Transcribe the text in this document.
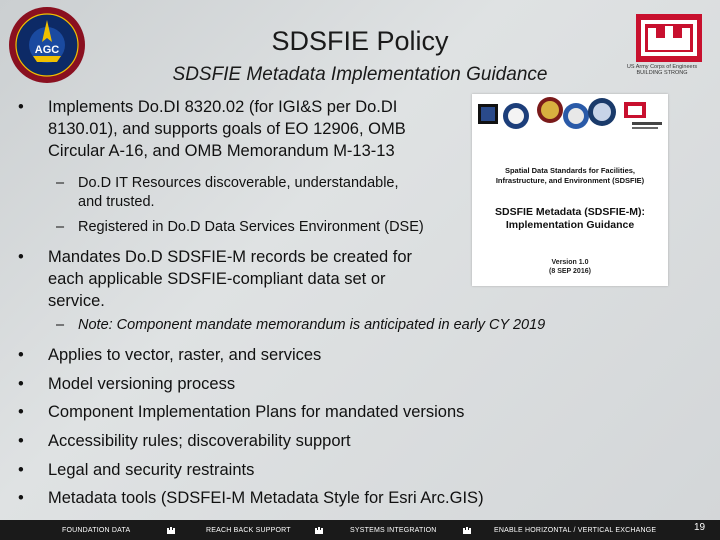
AGC	SDSFIE Policy
SDSFIE Metadata Implementation Guidance	US Army Corps of Engineers
BUILDING STRONG
• Implements Do.DI 8320.02 (for IGI&S per Do.DI
8130.01), and supports goals of EO 12906, OMB
Circular A-16, and OMB Memorandum M-13-13
– Do.D IT Resources discoverable, understandable,
and trusted.
– Registered in Do.D Data Services Environment (DSE)
• Mandates Do.D SDSFIE-M records be created for
each applicable SDSFIE-compliant data set or
service.
– Note: Component mandate memorandum is anticipated in early CY 2019
• Applies to vector, raster, and services
• Model versioning process
• Component Implementation Plans for mandated versions
• Accessibility rules; discoverability support
• Legal and security restraints
• Metadata tools (SDSFEI-M Metadata Style for Esri Arc.GIS)
Spatial Data Standards for Facilities,
Infrastructure, and Environment (SDSFIE)
SDSFIE Metadata (SDSFIE-M):
Implementation Guidance
Version 1.0
(8 SEP 2016)
FOUNDATION DATA	REACH BACK SUPPORT	SYSTEMS INTEGRATION	ENABLE HORIZONTAL / VERTICAL EXCHANGE	19
